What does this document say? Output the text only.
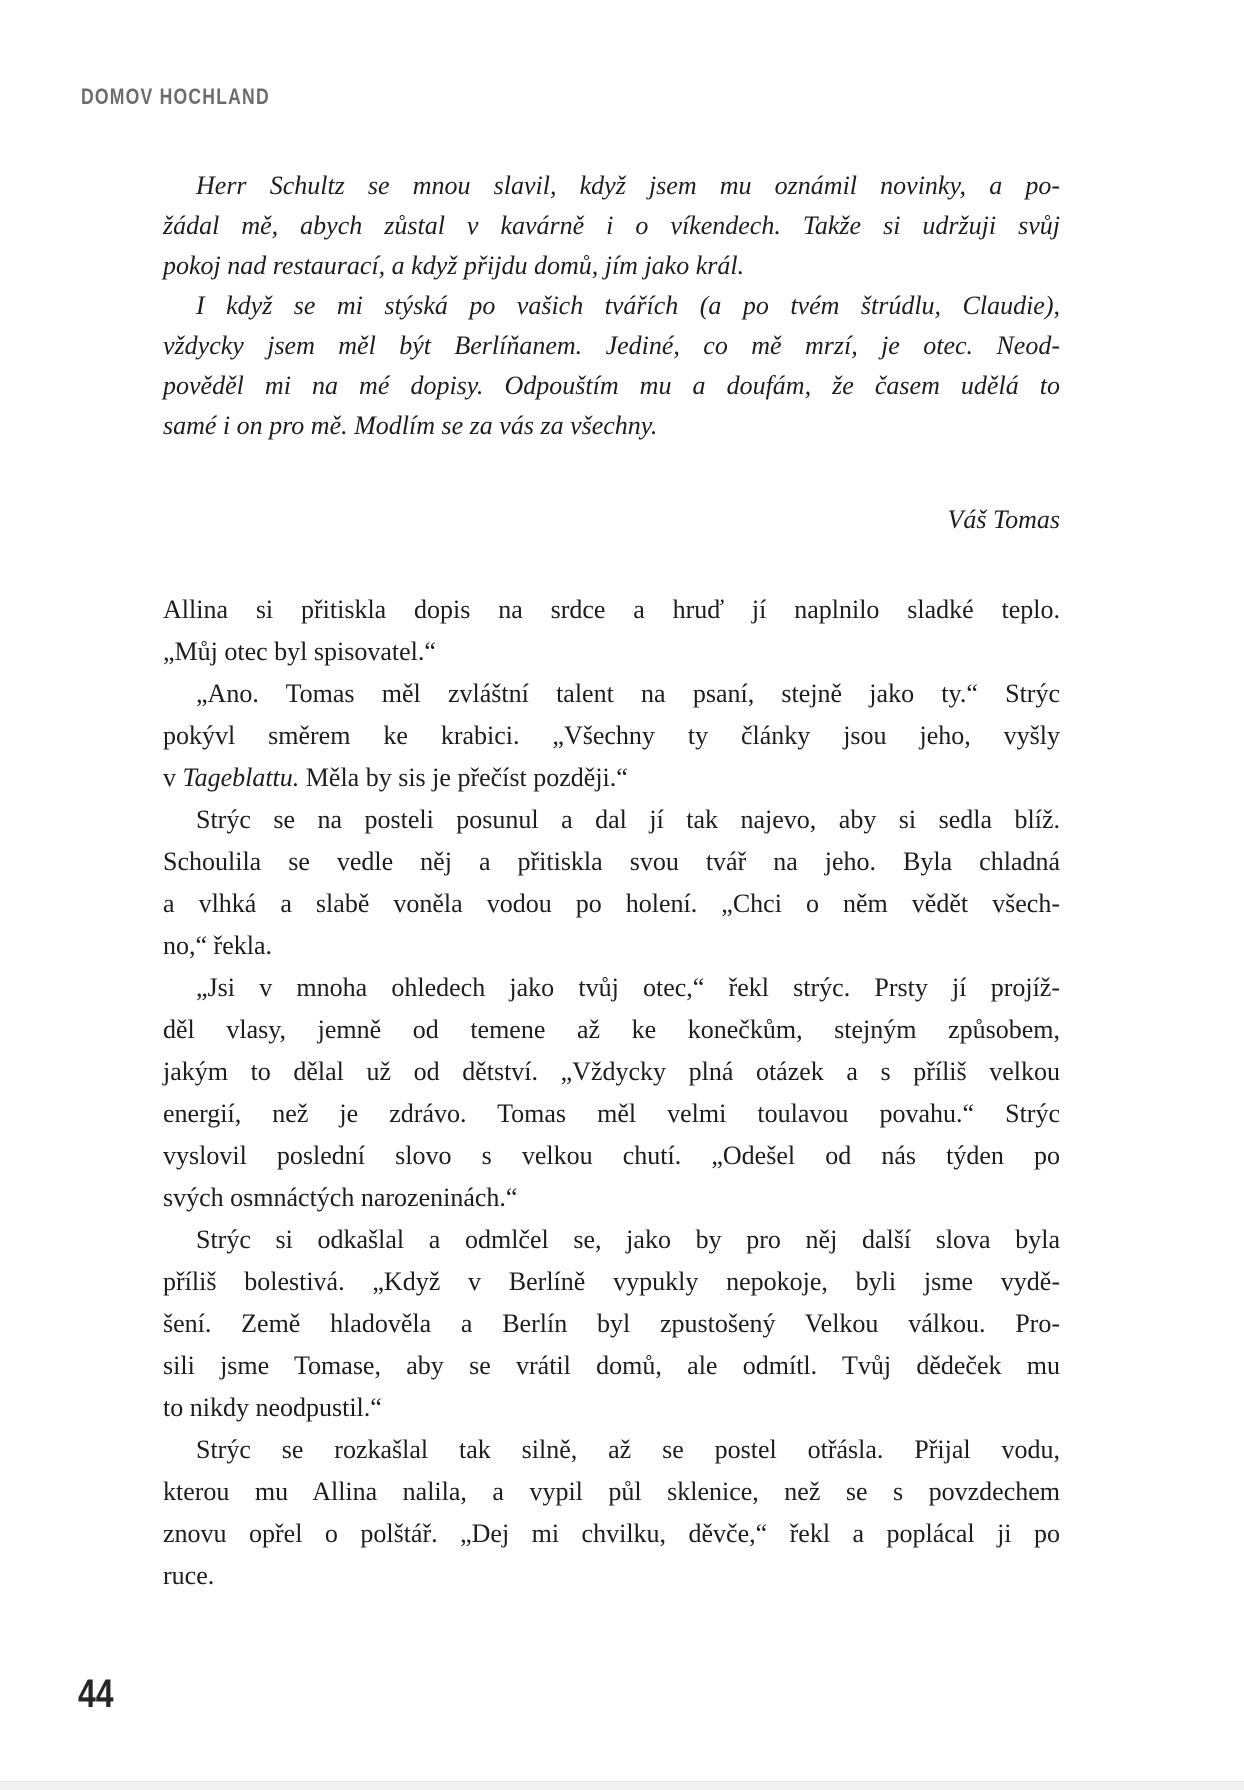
DOMOV HOCHLAND
Herr Schultz se mnou slavil, když jsem mu oznámil novinky, a po-
žádal mě, abych zůstal v kavárně i o víkendech. Takže si udržuji svůj
pokoj nad restaurací, a když přijdu domů, jím jako král.
I když se mi stýská po vašich tvářích (a po tvém štrúdlu, Claudie),
vždycky jsem měl být Berlíňanem. Jediné, co mě mrzí, je otec. Neod-
pověděl mi na mé dopisy. Odpouštím mu a doufám, že časem udělá to
samé i on pro mě. Modlím se za vás za všechny.
Váš Tomas
Allina si přitiskla dopis na srdce a hruď jí naplnilo sladké teplo.
„Můj otec byl spisovatel.“
„Ano. Tomas měl zvláštní talent na psaní, stejně jako ty.“ Strýc
pokývl směrem ke krabici. „Všechny ty články jsou jeho, vyšly
v Tageblattu. Měla by sis je přečíst později.“
Strýc se na posteli posunul a dal jí tak najevo, aby si sedla blíž.
Schoulila se vedle něj a přitiskla svou tvář na jeho. Byla chladná
a vlhká a slabě voněla vodou po holení. „Chci o něm vědět všech-
no,“ řekla.
„Jsi v mnoha ohledech jako tvůj otec,“ řekl strýc. Prsty jí projíž-
děl vlasy, jemně od temene až ke konečkům, stejným způsobem,
jakým to dělal už od dětství. „Vždycky plná otázek a s příliš velkou
energií, než je zdrávo. Tomas měl velmi toulavou povahu.“ Strýc
vyslovil poslední slovo s velkou chutí. „Odešel od nás týden po
svých osmnáctých narozeninách.“
Strýc si odkašlal a odmlčel se, jako by pro něj další slova byla
příliš bolestivá. „Když v Berlíně vypukly nepokoje, byli jsme vydě-
šení. Země hladověla a Berlín byl zpustošený Velkou válkou. Pro-
sili jsme Tomase, aby se vrátil domů, ale odmítl. Tvůj dědeček mu
to nikdy neodpustil.“
Strýc se rozkašlal tak silně, až se postel otřásla. Přijal vodu,
kterou mu Allina nalila, a vypil půl sklenice, než se s povzdechem
znovu opřel o polštář. „Dej mi chvilku, děvče,“ řekl a poplácal ji po
ruce.
44
